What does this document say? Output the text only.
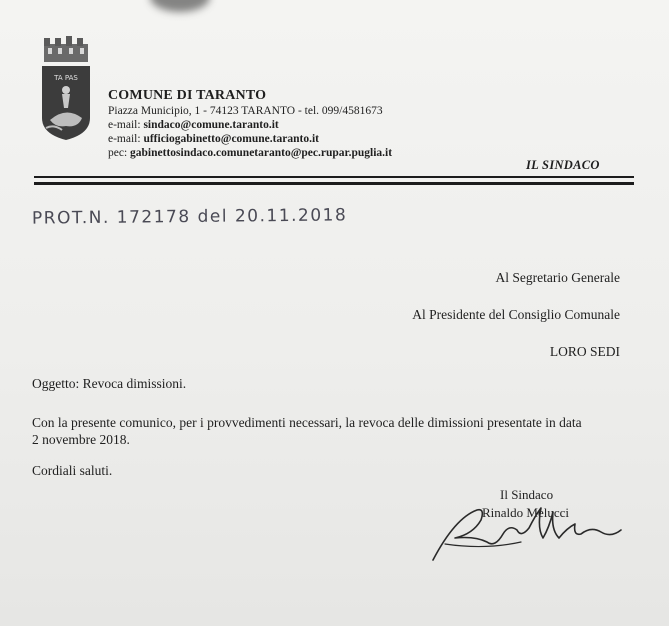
TA PAS
COMUNE DI TARANTO
Piazza Municipio, 1 - 74123 TARANTO - tel. 099/4581673
e-mail: sindaco@comune.taranto.it
e-mail: ufficiogabinetto@comune.taranto.it
pec: gabinettosindaco.comunetaranto@pec.rupar.puglia.it
IL SINDACO
PROT.N. 172178 del 20.11.2018
Al Segretario Generale
Al Presidente del Consiglio Comunale
LORO SEDI
Oggetto: Revoca dimissioni.
Con la presente comunico, per i provvedimenti necessari, la revoca delle dimissioni presentate in data
2 novembre 2018.
Cordiali saluti.
Il Sindaco
Rinaldo Melucci
